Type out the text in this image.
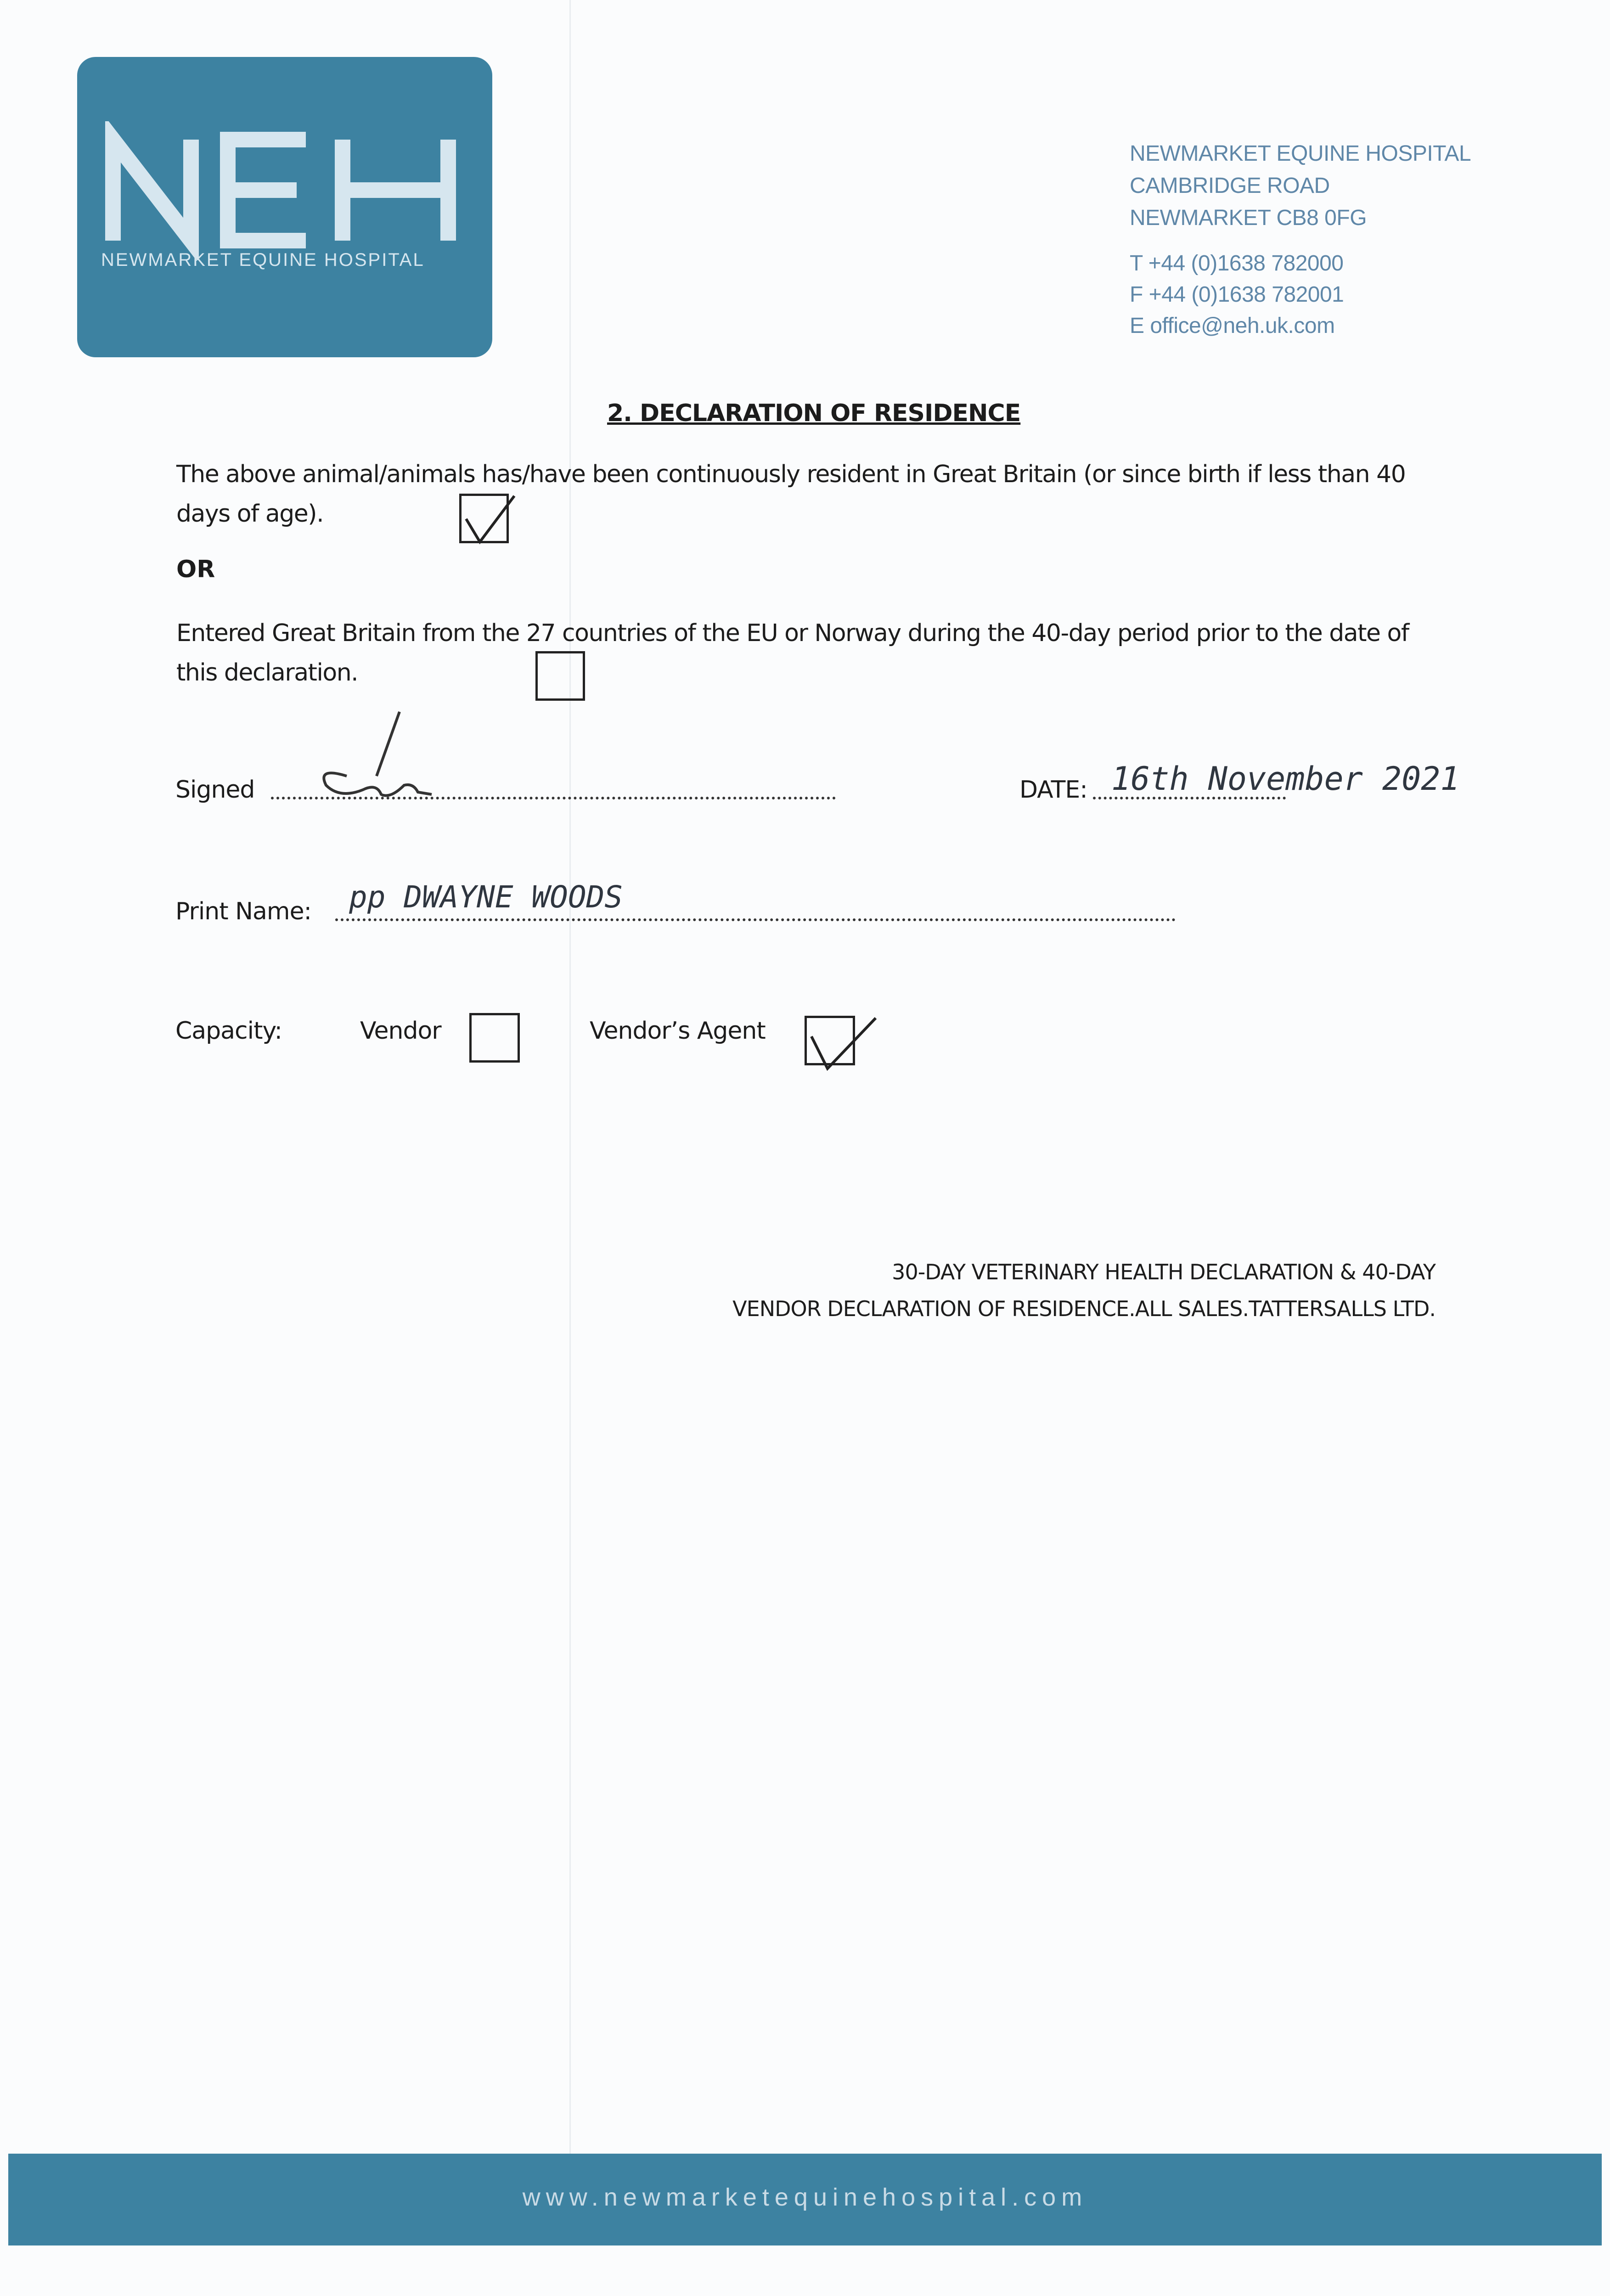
NEWMARKET EQUINE HOSPITAL
NEWMARKET EQUINE HOSPITAL
CAMBRIDGE ROAD
NEWMARKET CB8 0FG
T +44 (0)1638 782000
F +44 (0)1638 782001
E office@neh.uk.com
2. DECLARATION OF RESIDENCE
The above animal/animals has/have been continuously resident in Great Britain (or since birth if less than 40 days of age).
OR
Entered Great Britain from the 27 countries of the EU or Norway during the 40-day period prior to the date of this declaration.
Signed	DATE: 16th November 2021
Print Name: pp DWAYNE WOODS
Capacity:	Vendor	Vendor’s Agent
30-DAY VETERINARY HEALTH DECLARATION & 40-DAY
VENDOR DECLARATION OF RESIDENCE.ALL SALES.TATTERSALLS LTD.
www.newmarketequinehospital.com
